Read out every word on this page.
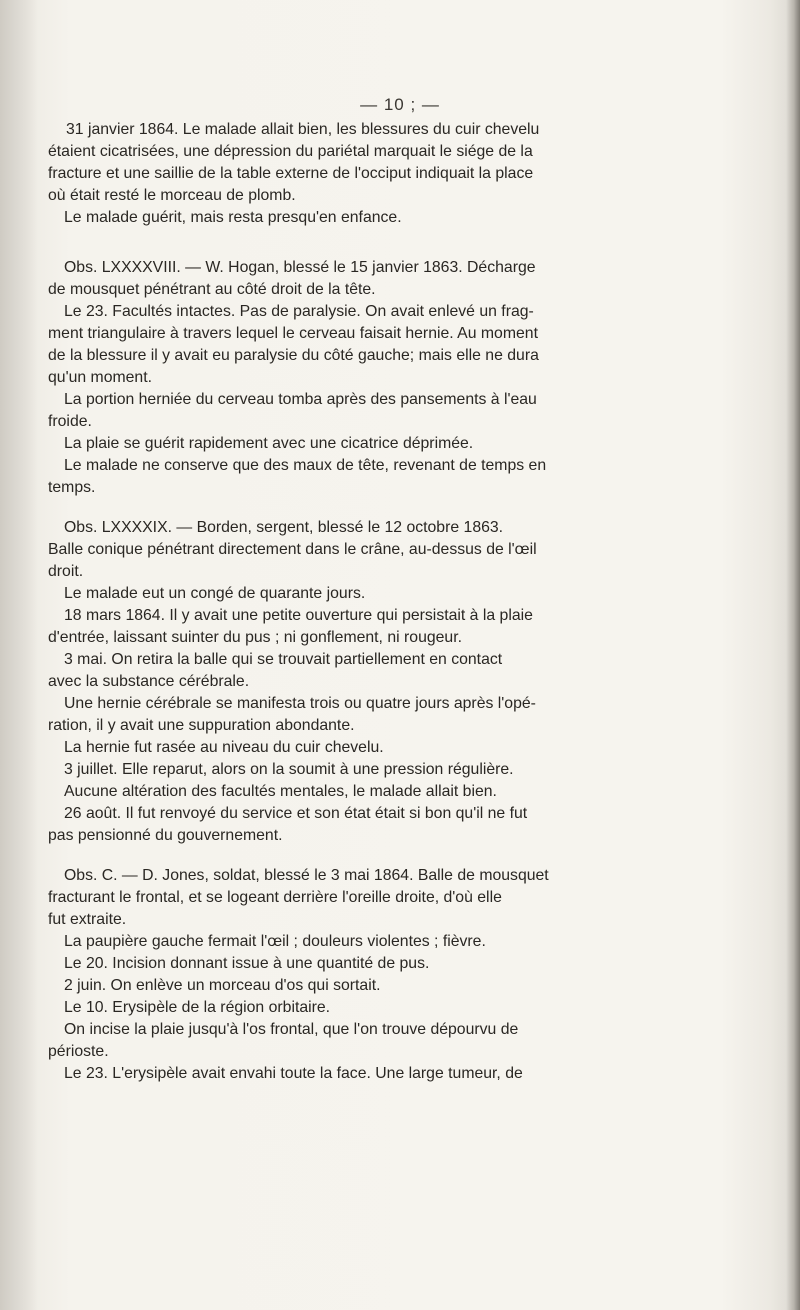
— 10 ; —
31 janvier 1864. Le malade allait bien, les blessures du cuir chevelu
étaient cicatrisées, une dépression du pariétal marquait le siége de la
fracture et une saillie de la table externe de l'occiput indiquait la place
où était resté le morceau de plomb.
Le malade guérit, mais resta presqu'en enfance.
Obs. LXXXXVIII. — W. Hogan, blessé le 15 janvier 1863. Décharge
de mousquet pénétrant au côté droit de la tête.
Le 23. Facultés intactes. Pas de paralysie. On avait enlevé un frag-
ment triangulaire à travers lequel le cerveau faisait hernie. Au moment
de la blessure il y avait eu paralysie du côté gauche; mais elle ne dura
qu'un moment.
La portion herniée du cerveau tomba après des pansements à l'eau
froide.
La plaie se guérit rapidement avec une cicatrice déprimée.
Le malade ne conserve que des maux de tête, revenant de temps en
temps.
Obs. LXXXXIX. — Borden, sergent, blessé le 12 octobre 1863.
Balle conique pénétrant directement dans le crâne, au-dessus de l'œil
droit.
Le malade eut un congé de quarante jours.
18 mars 1864. Il y avait une petite ouverture qui persistait à la plaie
d'entrée, laissant suinter du pus ; ni gonflement, ni rougeur.
3 mai. On retira la balle qui se trouvait partiellement en contact
avec la substance cérébrale.
Une hernie cérébrale se manifesta trois ou quatre jours après l'opé-
ration, il y avait une suppuration abondante.
La hernie fut rasée au niveau du cuir chevelu.
3 juillet. Elle reparut, alors on la soumit à une pression régulière.
Aucune altération des facultés mentales, le malade allait bien.
26 août. Il fut renvoyé du service et son état était si bon qu'il ne fut
pas pensionné du gouvernement.
Obs. C. — D. Jones, soldat, blessé le 3 mai 1864. Balle de mousquet
fracturant le frontal, et se logeant derrière l'oreille droite, d'où elle
fut extraite.
La paupière gauche fermait l'œil ; douleurs violentes ; fièvre.
Le 20. Incision donnant issue à une quantité de pus.
2 juin. On enlève un morceau d'os qui sortait.
Le 10. Erysipèle de la région orbitaire.
On incise la plaie jusqu'à l'os frontal, que l'on trouve dépourvu de
périoste.
Le 23. L'erysipèle avait envahi toute la face. Une large tumeur, de
